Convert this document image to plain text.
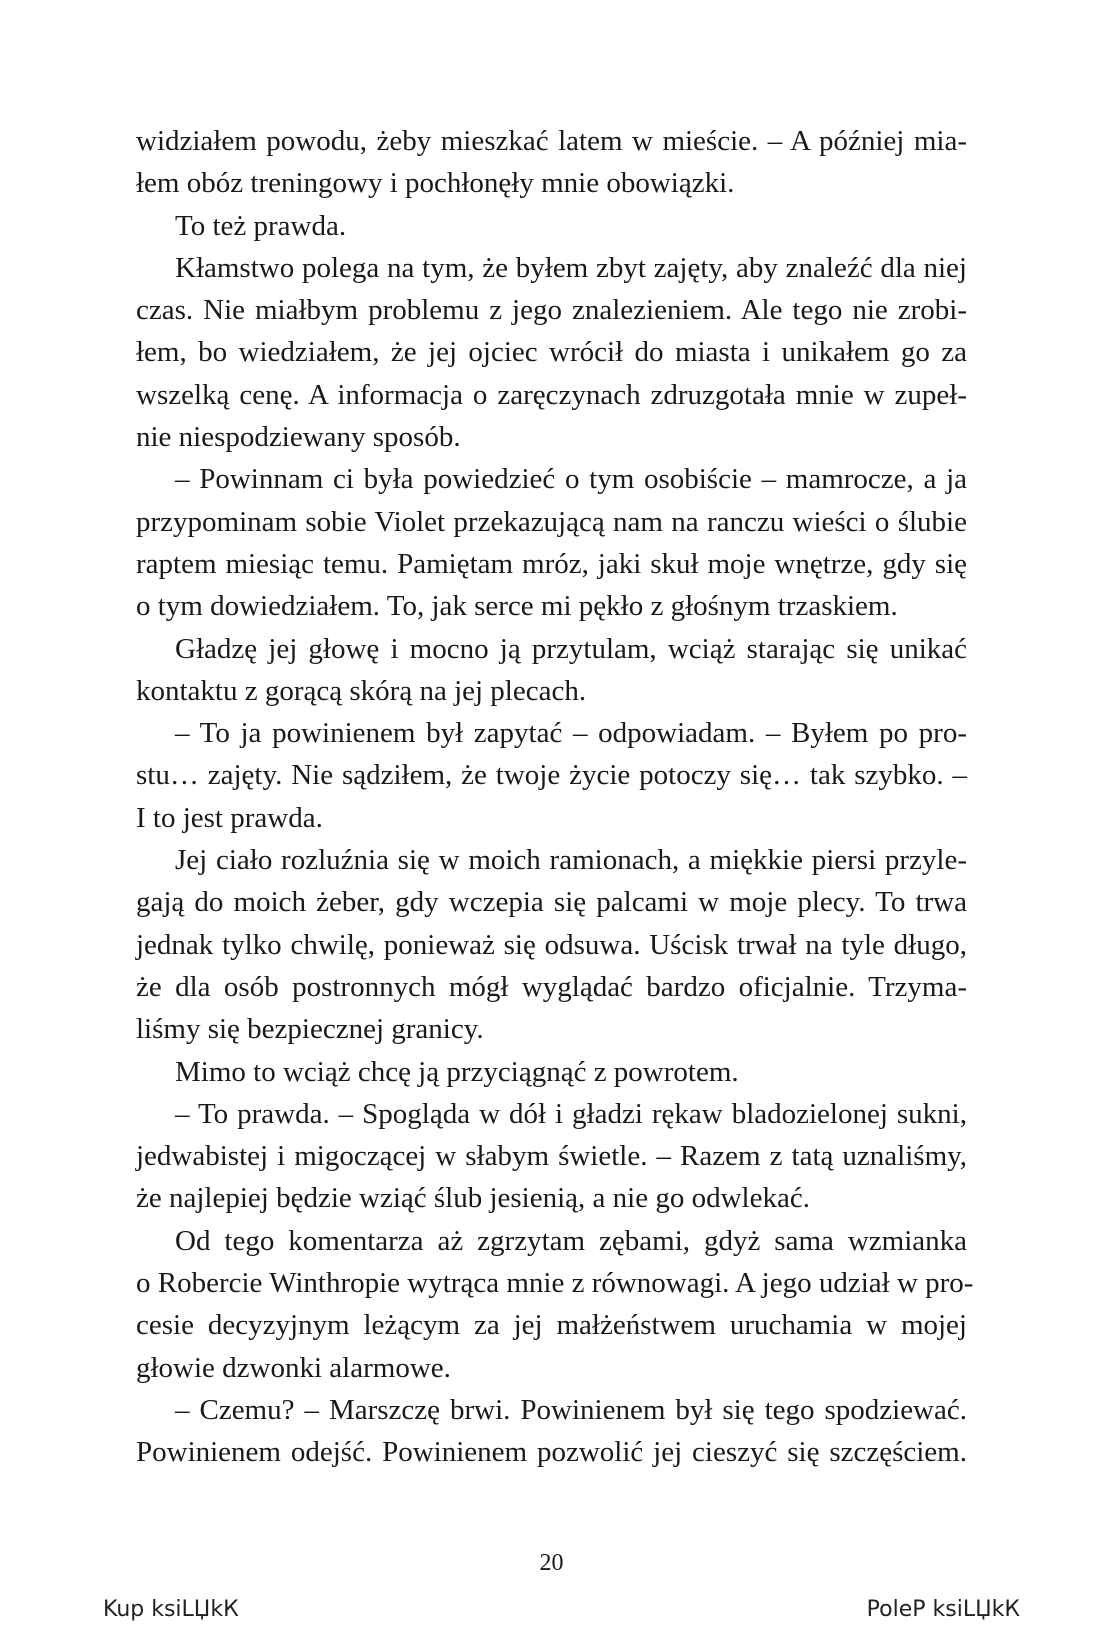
widziałem powodu, żeby mieszkać latem w mieście. – A później mia-
łem obóz treningowy i pochłonęły mnie obowiązki.
To też prawda.
Kłamstwo polega na tym, że byłem zbyt zajęty, aby znaleźć dla niej
czas. Nie miałbym problemu z jego znalezieniem. Ale tego nie zrobi-
łem, bo wiedziałem, że jej ojciec wrócił do miasta i unikałem go za
wszelką cenę. A informacja o zaręczynach zdruzgotała mnie w zupeł-
nie niespodziewany sposób.
– Powinnam ci była powiedzieć o tym osobiście – mamrocze, a ja
przypominam sobie Violet przekazującą nam na ranczu wieści o ślubie
raptem miesiąc temu. Pamiętam mróz, jaki skuł moje wnętrze, gdy się
o tym dowiedziałem. To, jak serce mi pękło z głośnym trzaskiem.
Gładzę jej głowę i mocno ją przytulam, wciąż starając się unikać
kontaktu z gorącą skórą na jej plecach.
– To ja powinienem był zapytać – odpowiadam. – Byłem po pro-
stu… zajęty. Nie sądziłem, że twoje życie potoczy się… tak szybko. –
I to jest prawda.
Jej ciało rozluźnia się w moich ramionach, a miękkie piersi przyle-
gają do moich żeber, gdy wczepia się palcami w moje plecy. To trwa
jednak tylko chwilę, ponieważ się odsuwa. Uścisk trwał na tyle długo,
że dla osób postronnych mógł wyglądać bardzo oficjalnie. Trzyma-
liśmy się bezpiecznej granicy.
Mimo to wciąż chcę ją przyciągnąć z powrotem.
– To prawda. – Spogląda w dół i gładzi rękaw bladozielonej sukni,
jedwabistej i migoczącej w słabym świetle. – Razem z tatą uznaliśmy,
że najlepiej będzie wziąć ślub jesienią, a nie go odwlekać.
Od tego komentarza aż zgrzytam zębami, gdyż sama wzmianka
o Robercie Winthropie wytrąca mnie z równowagi. A jego udział w pro-
cesie decyzyjnym leżącym za jej małżeństwem uruchamia w mojej
głowie dzwonki alarmowe.
– Czemu? – Marszczę brwi. Powinienem był się tego spodziewać.
Powinienem odejść. Powinienem pozwolić jej cieszyć się szczęściem.
20
Kup ksiLЏkК	PoleP ksiLЏkК
